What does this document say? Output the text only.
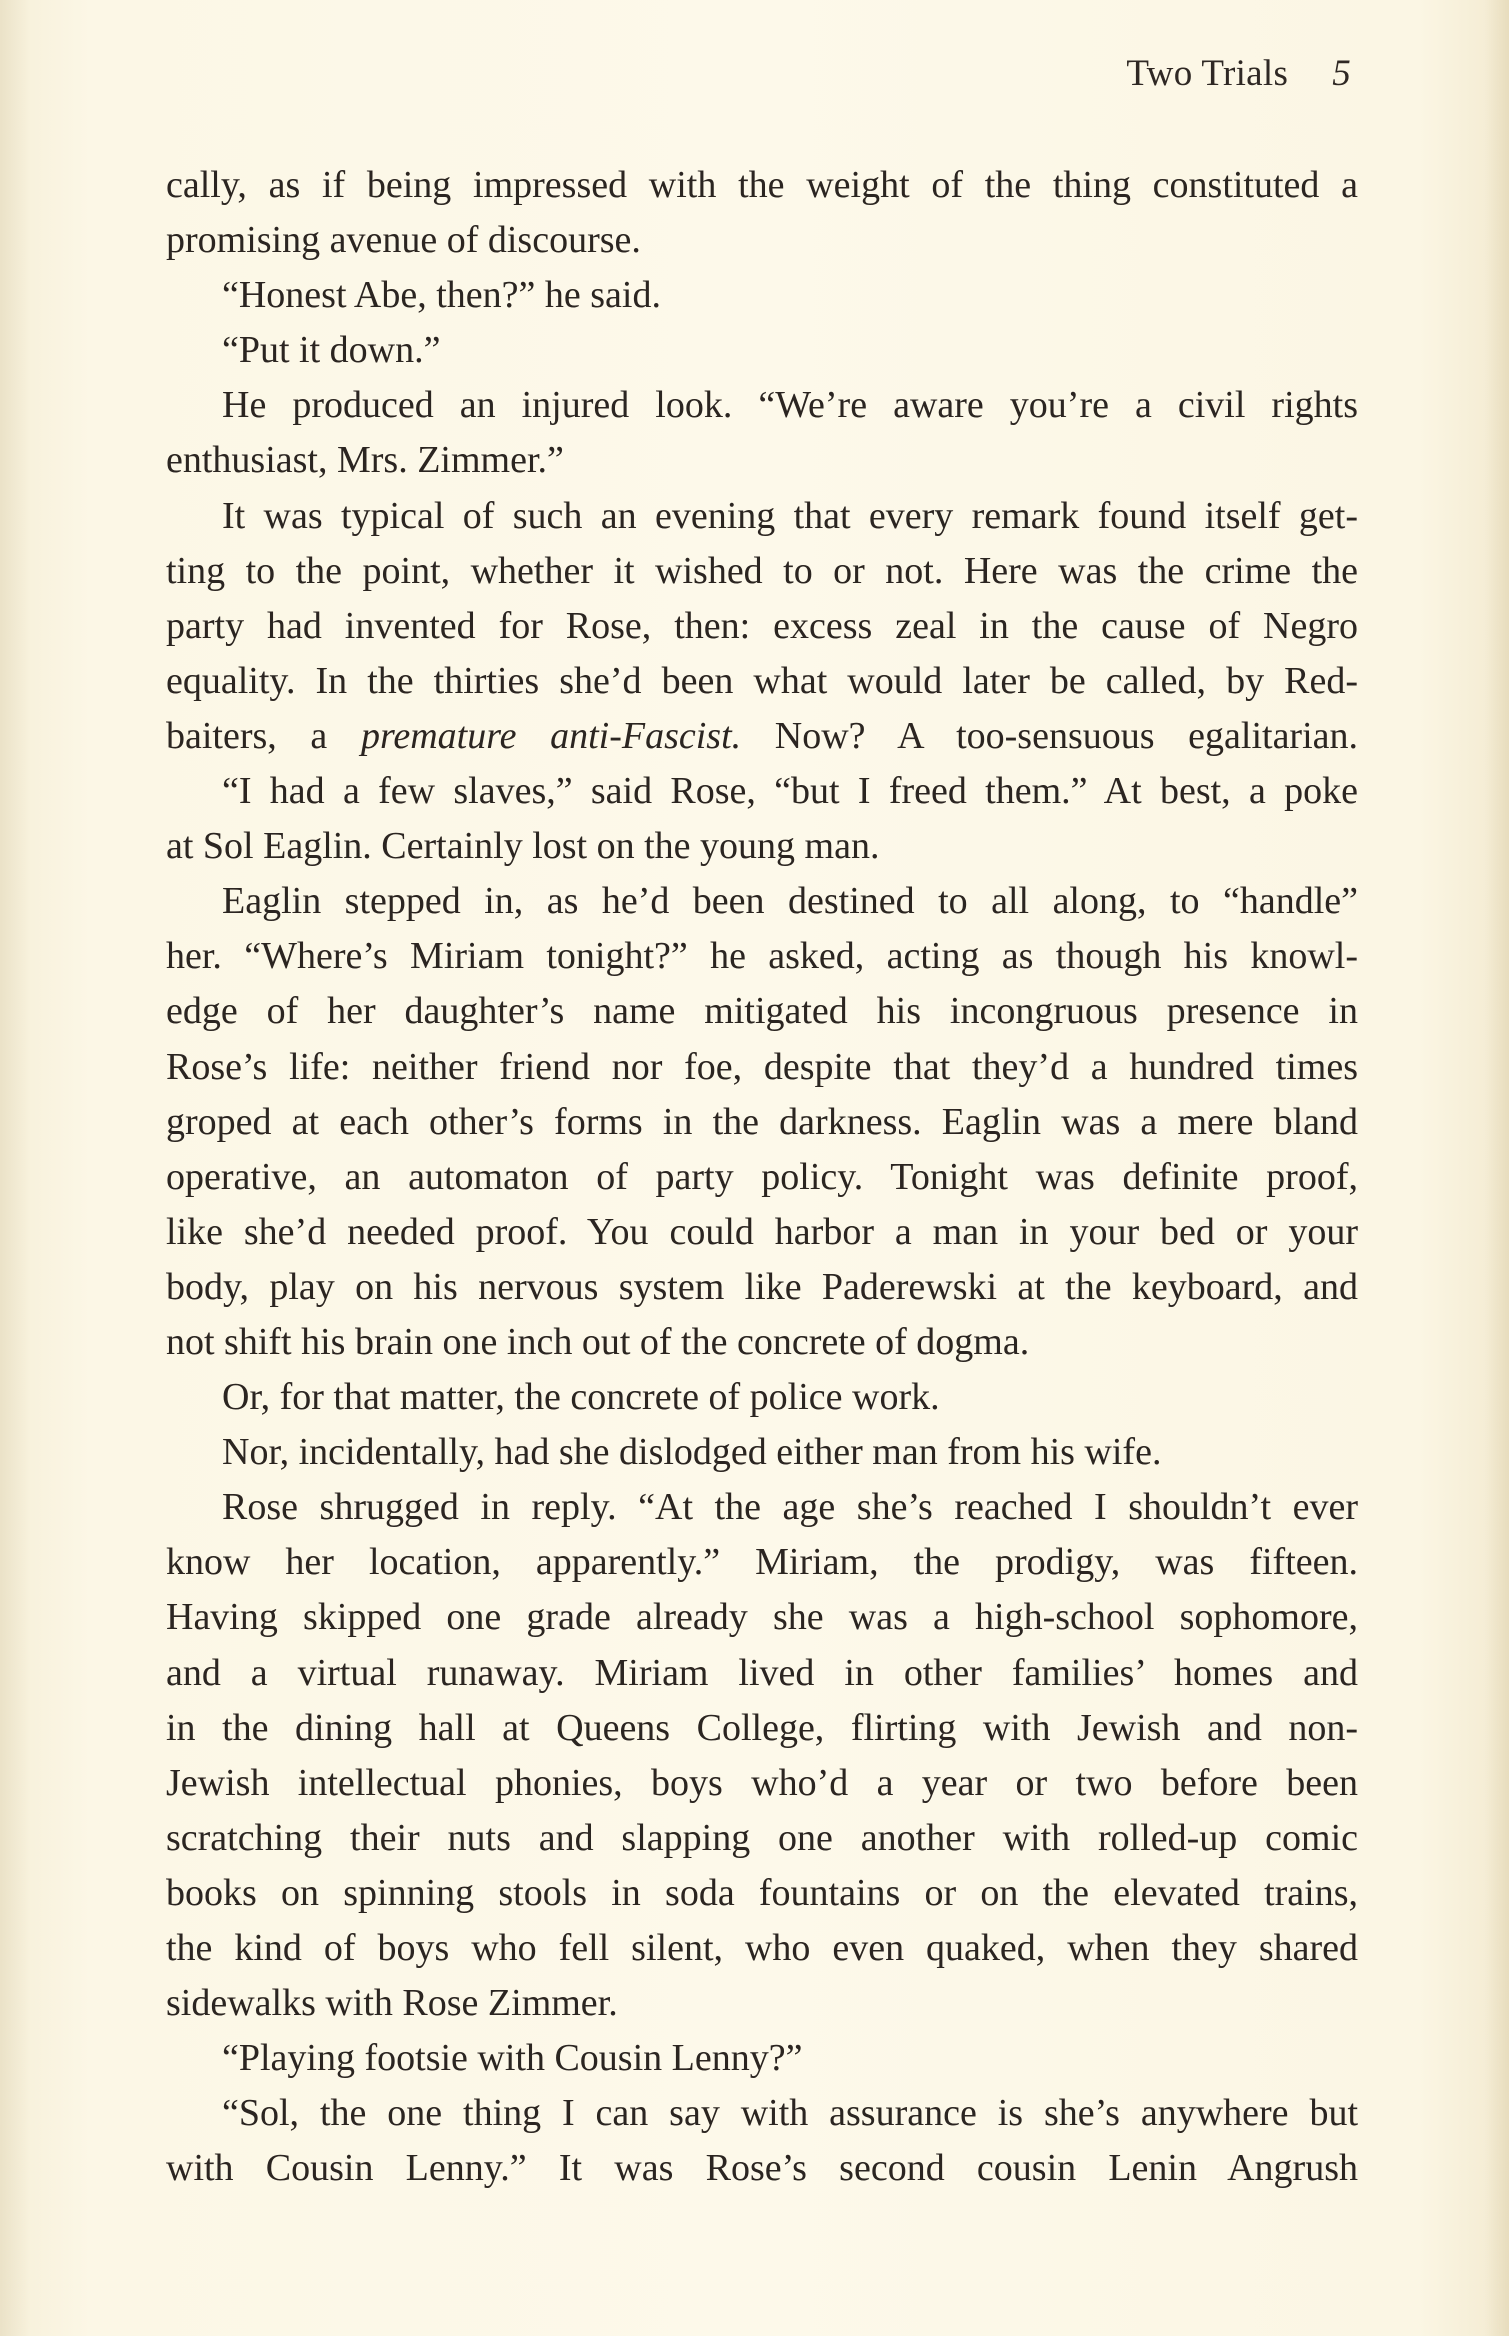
Two Trials 5
cally, as if being impressed with the weight of the thing constituted a
promising avenue of discourse.
“Honest Abe, then?” he said.
“Put it down.”
He produced an injured look. “We’re aware you’re a civil rights
enthusiast, Mrs. Zimmer.”
It was typical of such an evening that every remark found itself get-
ting to the point, whether it wished to or not. Here was the crime the
party had invented for Rose, then: excess zeal in the cause of Negro
equality. In the thirties she’d been what would later be called, by Red-
baiters, a premature anti-Fascist. Now? A too-sensuous egalitarian.
“I had a few slaves,” said Rose, “but I freed them.” At best, a poke
at Sol Eaglin. Certainly lost on the young man.
Eaglin stepped in, as he’d been destined to all along, to “handle”
her. “Where’s Miriam tonight?” he asked, acting as though his knowl-
edge of her daughter’s name mitigated his incongruous presence in
Rose’s life: neither friend nor foe, despite that they’d a hundred times
groped at each other’s forms in the darkness. Eaglin was a mere bland
operative, an automaton of party policy. Tonight was definite proof,
like she’d needed proof. You could harbor a man in your bed or your
body, play on his nervous system like Paderewski at the keyboard, and
not shift his brain one inch out of the concrete of dogma.
Or, for that matter, the concrete of police work.
Nor, incidentally, had she dislodged either man from his wife.
Rose shrugged in reply. “At the age she’s reached I shouldn’t ever
know her location, apparently.” Miriam, the prodigy, was fifteen.
Having skipped one grade already she was a high-school sophomore,
and a virtual runaway. Miriam lived in other families’ homes and
in the dining hall at Queens College, flirting with Jewish and non-
Jewish intellectual phonies, boys who’d a year or two before been
scratching their nuts and slapping one another with rolled-up comic
books on spinning stools in soda fountains or on the elevated trains,
the kind of boys who fell silent, who even quaked, when they shared
sidewalks with Rose Zimmer.
“Playing footsie with Cousin Lenny?”
“Sol, the one thing I can say with assurance is she’s anywhere but
with Cousin Lenny.” It was Rose’s second cousin Lenin Angrush
